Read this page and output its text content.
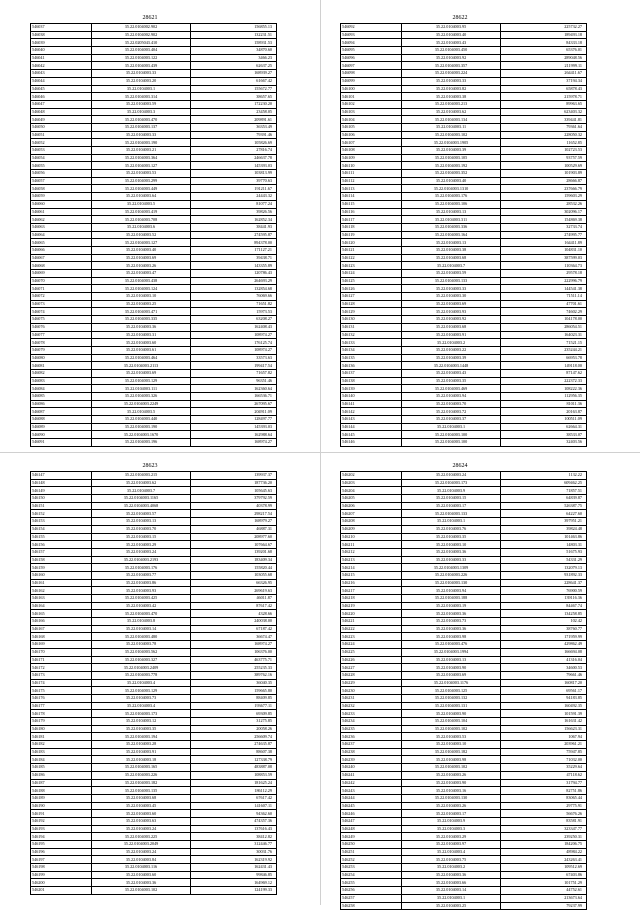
28621
546037	35.22.0104002.902	156855.13
546038	35.22.0104002.902	132231.51
546039	35.22.0205043.410	158931.53
546040	35.22.0104003.404	34870.60
546041	35.22.0104003.122	3466.23
546042	35.22.0104003.439	62637.25
546043	35.22.0104003.33	168939.27
546044	35.22.0104003.20	61667.42
546045	35.22.0104003.1	155672.77
546046	35.22.0104003.314	38657.65
546047	35.22.0104003.59	172230.20
546048	35.22.0104003.3	23458.05
546049	35.22.0104003.470	209891.61
546050	35.22.0104003.137	36353.49
546051	35.22.0104003.33	79391.46
546052	35.22.0104003.190	105826.69
546053	35.22.0104003.21	27816.74
546054	35.22.0104003.364	246637.78
546055	35.22.0104003.127	145393.03
546056	35.22.0104003.53	103813.99
546057	35.22.0104003.299	39770.63
546058	35.22.0104003.449	191211.67
546059	35.22.0104003.64	24443.32
546060	35.22.0104003.5	81077.24
546061	35.22.0104003.419	39826.56
546062	35.22.0104003.708	162852.34
546063	35.22.0104003.6	38441.93
546064	35.22.0104003.52	274595.87
546065	35.22.0104003.127	894378.00
546066	35.22.0104003.40	171127.21
546067	35.22.0104003.69	39438.71
546068	35.22.0104003.26	143355.89
546069	35.22.0104003.47	120786.43
546070	35.22.0104003.438	264693.29
546071	35.22.0104003.124	132854.68
546072	35.22.0104003.10	76069.66
546073	35.22.0104003.25	71651.82
546074	35.22.0104003.471	15973.53
546075	35.22.0104003.335	63208.27
546076	35.22.0104003.36	162408.43
546077	35.22.0104003.31	108974.27
546078	35.22.0104003.60	176125.74
546079	35.22.0104003.61	108974.27
546080	35.22.0104003.464	33573.63
546081	35.22.0104003.2113	199417.54
546082	35.22.0104003.69	71657.82
546083	35.22.0104003.129	96351.46
546084	35.22.0104003.111	162360.64
546085	35.22.0104003.326	166536.71
546086	35.22.0104003.2249	267095.67
546087	35.22.0104003.5	204911.09
546088	35.22.0104003.440	128497.77
546089	35.22.0104003.190	145393.03
546090	35.22.0104003.1670	162988.64
546091	35.22.0104003.196	168974.27
28622
546092	35.22.0104003.95	225732.27
546093	35.22.0104003.40	189493.18
546094	35.22.0104003.43	84333.18
546095	35.22.0104003.450	65376.01
546096	35.22.0104003.92	289048.56
546097	35.22.0104003.357	211999.11
546098	35.22.0104003.224	264411.67
546099	35.22.0104003.33	37194.34
546100	35.22.0104003.82	65878.43
546101	35.22.0104003.38	215978.71
546102	35.22.0104003.213	89963.65
546103	35.22.0104003.62	623403.32
546104	35.22.0104003.134	339441.81
546105	35.22.0104003.11	79361.64
546106	35.22.0104003.102	228050.32
546107	35.22.0104003.1905	11652.85
546108	35.22.0104003.39	102723.53
546109	35.22.0104003.105	93757.59
546110	35.22.0104003.192	100529.69
546111	35.22.0104003.352	101903.89
546112	35.22.0104003.40	28666.87
546113	35.22.0104003.1310	237666.79
546114	35.22.0104003.176	159603.29
546115	35.22.0104003.106	28532.26
546116	35.22.0104003.13	302096.17
546117	35.22.0104003.311	154869.38
546118	35.22.0104003.336	32733.74
546119	35.22.0104003.164	274995.77
546120	35.22.0104003.13	164411.89
546121	35.22.0104003.38	104831.10
546122	35.22.0104003.68	387599.03
546123	35.22.0104003.7	110364.73
546124	35.22.0104003.59	29578.18
546125	35.22.0104003.133	222996.79
546126	35.22.0104003.33	144541.38
546127	35.22.0104003.30	71511.14
546128	35.22.0104003.69	47701.61
546129	35.22.0104003.93	74602.29
546130	35.22.0104003.92	104178.00
546131	35.22.0104003.68	286054.51
546132	35.22.0104003.91	164023.31
546133	35.22.0104003.2	71521.15
546134	35.22.0104003.22	235244.21
546135	35.22.0104003.39	66953.78
546136	35.22.0104003.1448	149118.00
546137	35.22.0104003.43	87147.62
546138	35.22.0104003.35	222372.33
546139	35.22.0104003.469	108222.36
546140	35.22.0104003.94	112956.35
546141	35.22.0104003.70	81011.36
546142	35.22.0104003.72	20163.87
546143	35.22.0104003.37	100511.09
546144	35.22.0104003.1	62664.31
546145	35.22.0104003.100	38533.07
546146	35.22.0104003.100	32403.56
28623
546147	35.22.0104003.215	139937.37
546148	35.22.0104003.62	187736.20
546149	35.22.0104003.7	105645.63
546150	35.22.0104003.1165	379792.59
546151	35.22.0104003.4068	40378.99
546152	35.22.0104003.57	298217.54
546153	35.22.0104003.13	168979.27
546154	35.22.0104003.70	46887.31
546155	35.22.0104003.15	208977.60
546156	35.22.0104003.29	107664.67
546157	35.22.0104003.24	139201.68
546158	35.22.0104003.2193	183409.34
546159	35.22.0104003.176	155820.44
546160	35.22.0104003.77	103055.68
546161	35.22.0104003.86	66326.95
546162	35.22.0104003.93	269619.63
546163	35.22.0104003.425	46011.87
546164	35.22.0104003.42	87617.42
546165	35.22.0104003.470	4328.66
546166	35.22.0104003.8	240038.00
546167	35.22.0104003.14	67187.42
546168	35.22.0104003.480	36674.47
546169	35.22.0104003.78	168974.27
546170	35.22.0104003.562	106376.00
546171	35.22.0104003.327	463775.71
546172	35.22.0104003.2409	255235.33
546173	35.22.0104003.778	389762.16
546174	35.22.0104003.4	36040.35
546175	35.22.0104003.129	159665.80
546176	35.22.0104003.73	88409.85
546177	35.22.0104003.4	193677.11
546178	35.22.0104003.173	69309.85
546179	35.22.0104003.12	31275.85
546180	35.22.0104003.35	20058.26
546181	35.22.0104003.194	256609.74
546182	35.22.0104003.28	274635.87
546183	35.22.0104003.91	88607.38
546184	35.22.0104003.18	127338.79
546185	35.22.0104003.165	483887.08
546186	35.22.0104003.226	108853.59
546187	35.22.0104003.182	181625.24
546188	35.22.0104003.135	186112.29
546189	35.22.0104003.68	67617.42
546190	35.22.0104003.45	141607.11
546191	35.22.0104003.60	94362.60
546192	35.22.0104003.63	474357.36
546193	35.22.0104003.24	137616.43
546194	35.22.0104003.225	38412.82
546195	35.22.0104003.2049	312446.77
546196	35.22.0104003.24	30031.76
546197	35.22.0104003.84	162319.92
546198	35.22.0104003.116	162431.43
546199	35.22.0104003.60	99846.85
546200	35.22.0104003.36	164969.12
546201	35.22.0104003.102	124199.33
28624
546202	35.22.0104003.24	1132.22
546203	35.22.0104003.173	609462.25
546204	35.22.0104003.9	71857.51
546205	35.22.0104003.15	64839.87
546206	35.22.0104003.17	526387.75
546207	35.22.0104003.133	64227.60
546208	35.22.0104003.1	397951.21
546209	35.22.0104003.76	39824.48
546210	35.22.0104003.35	101463.86
546211	35.22.0104003.10	14803.31
546212	35.22.0104003.36	51675.93
546213	35.22.0104003.33	54331.29
546214	35.22.0104003.1309	132079.13
546215	35.22.0104003.226	931892.33
546216	35.22.0104003.130	228641.37
546217	35.22.0104003.94	76900.59
546218	35.22.0104003.188	139116.36
546219	35.22.0104003.19	84467.74
546220	35.22.0104003.36	134258.85
546221	35.22.0104003.73	102.42
546222	35.22.0104003.36	38760.77
546223	35.22.0104003.98	171959.99
546224	35.22.0104003.476	429862.49
546225	35.22.0104003.1994	166694.08
546226	35.22.0104003.13	41316.04
546227	35.22.0104003.90	34600.53
546228	35.22.0104003.69	79661.46
546229	35.22.0104003.1176	160817.20
546230	35.22.0104003.125	69561.17
546231	35.22.0104003.132	94183.85
546232	35.22.0104003.131	160492.35
546233	35.22.0104003.90	101591.39
546234	35.22.0104003.104	161631.42
546235	35.22.0104003.102	156623.31
546236	35.22.0104003.53	1067.94
546237	35.22.0104003.10	203961.21
546238	35.22.0104003.182	75947.85
546239	35.22.0104003.98	71032.00
546240	35.22.0104003.102	35229.64
546241	35.22.0104003.26	47118.62
546242	35.22.0104003.90	31794.77
546243	35.22.0104003.16	82751.86
546244	35.22.0104003.130	83065.44
546245	35.22.0104003.26	29775.91
546246	35.22.0104003.17	56676.26
546247	35.22.0104003.9	83581.91
546248	35.22.0104003.3	323347.77
546249	35.22.0104003.29	239250.31
546250	35.22.0104003.97	184206.75
546251	35.22.0104003.4	48984.22
546252	35.22.0104003.75	243263.41
546253	35.22.0104003.2	109512.69
546254	35.22.0104003.36	67403.86
546255	35.22.0104003.66	101751.29
546256	35.22.0104003.14	44752.61
546257	35.22.0104003.1	213673.64
546258	35.22.0104003.25	79237.99
